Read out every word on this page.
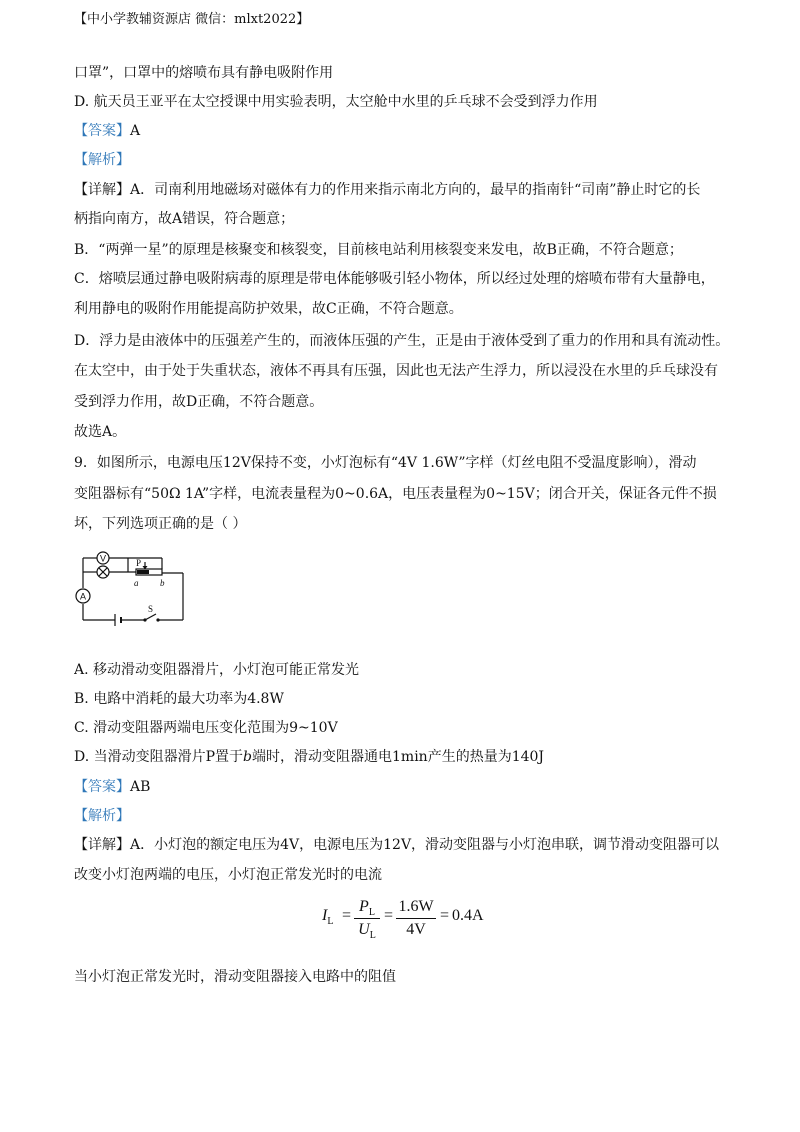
【中小学教辅资源店 微信：mlxt2022】
口罩”，口罩中的熔喷布具有静电吸附作用
D. 航天员王亚平在太空授课中用实验表明，太空舱中水里的乒乓球不会受到浮力作用
【答案】A
【解析】
【详解】A．司南利用地磁场对磁体有力的作用来指示南北方向的，最早的指南针“司南”静止时它的长
柄指向南方，故A错误，符合题意；
B．“两弹一星”的原理是核聚变和核裂变，目前核电站利用核裂变来发电，故B正确，不符合题意；
C．熔喷层通过静电吸附病毒的原理是带电体能够吸引轻小物体，所以经过处理的熔喷布带有大量静电，
利用静电的吸附作用能提高防护效果，故C正确，不符合题意。
D．浮力是由液体中的压强差产生的，而液体压强的产生，正是由于液体受到了重力的作用和具有流动性。
在太空中，由于处于失重状态，液体不再具有压强，因此也无法产生浮力，所以浸没在水里的乒乓球没有
受到浮力作用，故D正确，不符合题意。
故选A。
9．如图所示，电源电压12V保持不变，小灯泡标有“4V 1.6W”字样（灯丝电阻不受温度影响），滑动
变阻器标有“50Ω 1A”字样，电流表量程为0~0.6A，电压表量程为0~15V；闭合开关，保证各元件不损
坏，下列选项正确的是（ ）
V
A
P
a b
S
A. 移动滑动变阻器滑片，小灯泡可能正常发光
B. 电路中消耗的最大功率为4.8W
C. 滑动变阻器两端电压变化范围为9~10V
D. 当滑动变阻器滑片P置于b端时，滑动变阻器通电1min产生的热量为140J
【答案】AB
【解析】
【详解】A．小灯泡的额定电压为4V，电源电压为12V，滑动变阻器与小灯泡串联，调节滑动变阻器可以
改变小灯泡两端的电压，小灯泡正常发光时的电流
$I_L$ =
$P_L$
$U_L$
=
1.6W
4V
= 0.4A
当小灯泡正常发光时，滑动变阻器接入电路中的阻值
